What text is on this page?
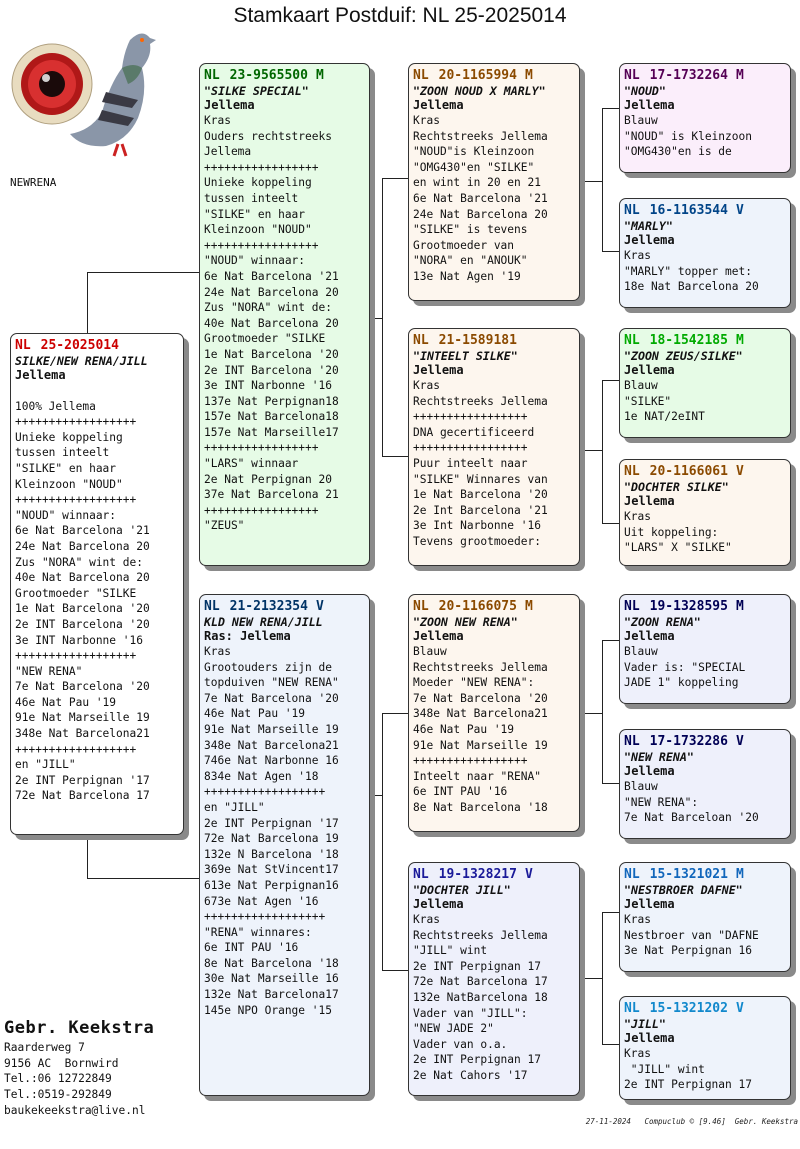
Stamkaart Postduif: NL 25-2025014
NEWRENA
NL 25-2025014
SILKE/NEW RENA/JILL
Jellema

100% Jellema
++++++++++++++++++
Unieke koppeling
tussen inteelt
"SILKE" en haar
Kleinzoon "NOUD"
++++++++++++++++++
"NOUD" winnaar:
6e Nat Barcelona '21
24e Nat Barcelona 20
Zus "NORA" wint de:
40e Nat Barcelona 20
Grootmoeder "SILKE
1e Nat Barcelona '20
2e INT Barcelona '20
3e INT Narbonne '16
++++++++++++++++++
"NEW RENA"
7e Nat Barcelona '20
46e Nat Pau '19
91e Nat Marseille 19
348e Nat Barcelona21
++++++++++++++++++
en "JILL"
2e INT Perpignan '17
72e Nat Barcelona 17
NL 23-9565500 M
"SILKE SPECIAL"
Jellema
Kras
Ouders rechtstreeks
Jellema
+++++++++++++++++
Unieke koppeling
tussen inteelt
"SILKE" en haar
Kleinzoon "NOUD"
+++++++++++++++++
"NOUD" winnaar:
6e Nat Barcelona '21
24e Nat Barcelona 20
Zus "NORA" wint de:
40e Nat Barcelona 20
Grootmoeder "SILKE
1e Nat Barcelona '20
2e INT Barcelona '20
3e INT Narbonne '16
137e Nat Perpignan18
157e Nat Barcelona18
157e Nat Marseille17
+++++++++++++++++
"LARS" winnaar
2e Nat Perpignan 20
37e Nat Barcelona 21
+++++++++++++++++
"ZEUS"
NL 21-2132354 V
KLD NEW RENA/JILL
Ras: Jellema
Kras
Grootouders zijn de
topduiven "NEW RENA"
7e Nat Barcelona '20
46e Nat Pau '19
91e Nat Marseille 19
348e Nat Barcelona21
746e Nat Narbonne 16
834e Nat Agen '18
++++++++++++++++++
en "JILL"
2e INT Perpignan '17
72e Nat Barcelona 19
132e N Barcelona '18
369e Nat StVincent17
613e Nat Perpignan16
673e Nat Agen '16
++++++++++++++++++
"RENA" winnares:
6e INT PAU '16
8e Nat Barcelona '18
30e Nat Marseille 16
132e Nat Barcelona17
145e NPO Orange '15
NL 20-1165994 M
"ZOON NOUD X MARLY"
Jellema
Kras
Rechtstreeks Jellema
"NOUD"is Kleinzoon
"OMG430"en "SILKE"
en wint in 20 en 21
6e Nat Barcelona '21
24e Nat Barcelona 20
"SILKE" is tevens
Grootmoeder van
"NORA" en "ANOUK"
13e Nat Agen '19
NL 21-1589181
"INTEELT SILKE"
Jellema
Kras
Rechtstreeks Jellema
+++++++++++++++++
DNA gecertificeerd
+++++++++++++++++
Puur inteelt naar
"SILKE" Winnares van
1e Nat Barcelona '20
2e Int Barcelona '21
3e Int Narbonne '16
Tevens grootmoeder:
NL 20-1166075 M
"ZOON NEW RENA"
Jellema
Blauw
Rechtstreeks Jellema
Moeder "NEW RENA":
7e Nat Barcelona '20
348e Nat Barcelona21
46e Nat Pau '19
91e Nat Marseille 19
+++++++++++++++++
Inteelt naar "RENA"
6e INT PAU '16
8e Nat Barcelona '18
NL 19-1328217 V
"DOCHTER JILL"
Jellema
Kras
Rechtstreeks Jellema
"JILL" wint
2e INT Perpignan 17
72e Nat Barcelona 17
132e NatBarcelona 18
Vader van "JILL":
"NEW JADE 2"
Vader van o.a.
2e INT Perpignan 17
2e Nat Cahors '17
NL 17-1732264 M
"NOUD"
Jellema
Blauw
"NOUD" is Kleinzoon
"OMG430"en is de
NL 16-1163544 V
"MARLY"
Jellema
Kras
"MARLY" topper met:
18e Nat Barcelona 20
NL 18-1542185 M
"ZOON ZEUS/SILKE"
Jellema
Blauw
"SILKE"
1e NAT/2eINT
NL 20-1166061 V
"DOCHTER SILKE"
Jellema
Kras
Uit koppeling:
"LARS" X "SILKE"
NL 19-1328595 M
"ZOON RENA"
Jellema
Blauw
Vader is: "SPECIAL
JADE 1" koppeling
NL 17-1732286 V
"NEW RENA"
Jellema
Blauw
"NEW RENA":
7e Nat Barceloan '20
NL 15-1321021 M
"NESTBROER DAFNE"
Jellema
Kras
Nestbroer van "DAFNE
3e Nat Perpignan 16
NL 15-1321202 V
"JILL"
Jellema
Kras
"JILL" wint
2e INT Perpignan 17
Gebr. Keekstra
Raarderweg 7
9156 AC  Bornwird
Tel.:06 12722849
Tel.:0519-292849
baukekeekstra@live.nl
27-11-2024   Compuclub © [9.46]  Gebr. Keekstra
